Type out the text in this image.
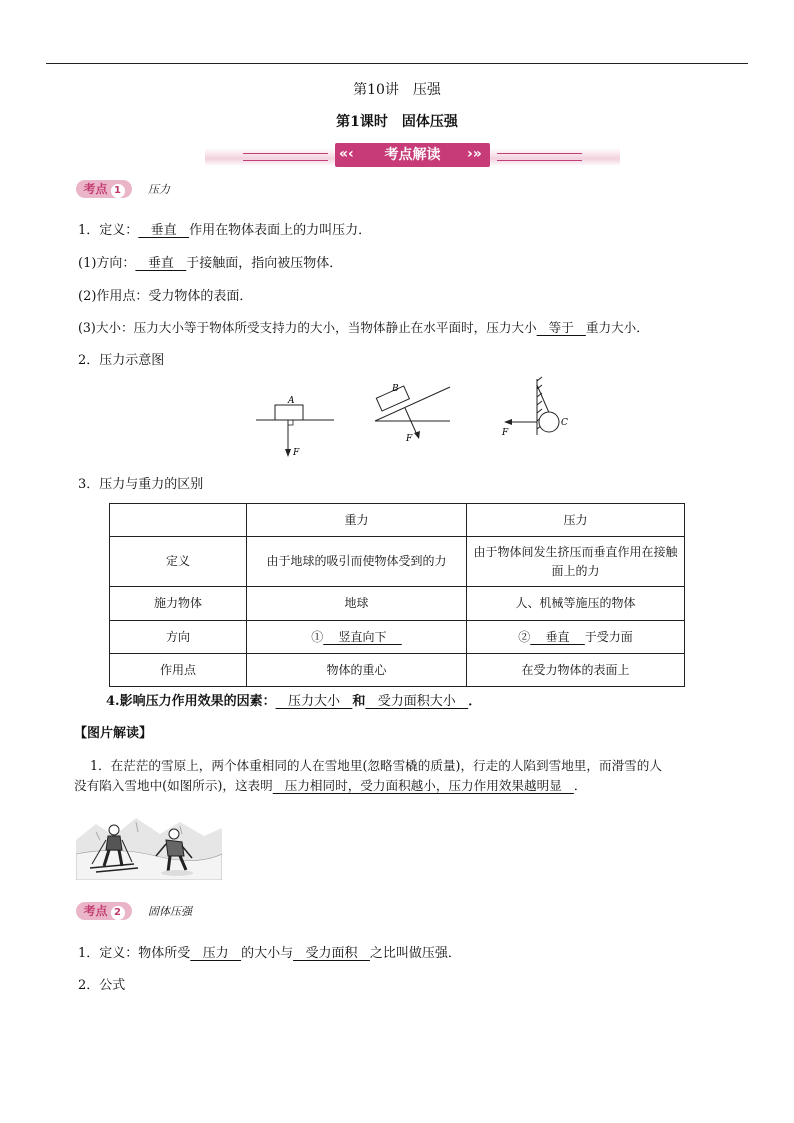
第10讲　压强
第1课时　固体压强
考点解读
«‹	›»
考点 1	压力
1．定义：   垂直   作用在物体表面上的力叫压力．
(1)方向：   垂直   于接触面，指向被压物体．
(2)作用点：受力物体的表面．
(3)大小：压力大小等于物体所受支持力的大小，当物体静止在水平面时，压力大小   等于   重力大小．
2．压力示意图
A
F
B
F
C
F
3．压力与重力的区别
	重力	压力
定义	由于地球的吸引而使物体受到的力	由于物体间发生挤压而垂直作用在接触面上的力
施力物体	地球	人、机械等施压的物体
方向	①    竖直向下	②    垂直    于受力面
作用点	物体的重心	在受力物体的表面上
4.影响压力作用效果的因素：   压力大小   和   受力面积大小   ．
【图片解读】
1．在茫茫的雪原上，两个体重相同的人在雪地里(忽略雪橇的质量)，行走的人陷到雪地里，而滑雪的人
没有陷入雪地中(如图所示)，这表明   压力相同时，受力面积越小，压力作用效果越明显   ．
考点 2	固体压强
1．定义：物体所受   压力   的大小与   受力面积   之比叫做压强．
2．公式
